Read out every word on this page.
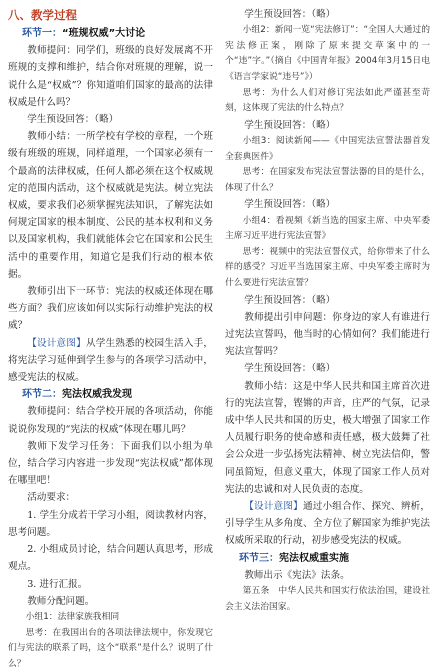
八、教学过程
环节一：“班规权威”大讨论

教师提问：同学们，班级的良好发展离不开班规的支撑和维护，结合你对班规的理解，说一说什么是“权威”？你知道咱们国家的最高的法律权威是什么吗？

学生预设回答：（略）

教师小结：一所学校有学校的章程，一个班级有班级的班规，同样道理，一个国家必须有一个最高的法律权威，任何人都必须在这个权威规定的范围内活动，这个权威就是宪法。树立宪法权威，要求我们必须掌握宪法知识，了解宪法如何规定国家的根本制度、公民的基本权利和义务以及国家机构，我们就能体会它在国家和公民生活中的重要作用，知道它是我们行动的根本依据。

教师引出下一环节：宪法的权威还体现在哪些方面？我们应该如何以实际行动维护宪法的权威？

【设计意图】从学生熟悉的校园生活入手，将宪法学习延伸到学生参与的各项学习活动中，感受宪法的权威。

环节二：宪法权威我发现

教师提问：结合学校开展的各项活动，你能说说你发现的“宪法的权威”体现在哪儿吗？

教师下发学习任务：下面我们以小组为单位，结合学习内容进一步发现“宪法权威”都体现在哪里吧！

活动要求：

1. 学生分成若干学习小组，阅读教材内容，思考问题。

2. 小组成员讨论，结合问题认真思考，形成观点。

3. 进行汇报。

教师分配问题。

小组1：法律家族我相同

思考：在我国出台的各项法律法规中，你发现它们与宪法的联系了吗，这个“联系”是什么？说明了什么？

学生预设回答：（略）

小组2：新闻一览“宪法修订”：“全国人大通过的宪法修正案，刚除了原来提交草案中的一个“违”字。”（摘自《中国青年报》2004年3月15日电《语言学家说“违号”》）

思考：为什么人们对修订宪法如此严谨甚至苛刻，这体现了宪法的什么特点？

学生预设回答：（略）

小组3：阅读新闻——《中国宪法宣誓法器首发全套典医件》

思考：在国家发布宪法宣誓法器的目的是什么，体现了什么？

学生预设回答：（略）

小组4：看视频《新当选的国家主席、中央军委主席习近平进行宪法宣誓》

思考：视频中的宪法宣誓仪式，给你带来了什么样的感受？习近平当选国家主席、中央军委主席时为什么要进行宪法宣誓？

学生预设回答：（略）

教师提出引申问题：你身边的家人有谁进行过宪法宣誓吗，他当时的心情如何？我们能进行宪法宣誓吗？

学生预设回答：（略）

教师小结：这是中华人民共和国主席首次进行的宪法宣誓，铿锵的声音，庄严的气氛，记录成中华人民共和国的历史，极大增强了国家工作人员履行职务的使命感和责任感，极大鼓舞了社会公众进一步弘扬宪法精神、树立宪法信仰，警同虽简短，但意义重大，体现了国家工作人员对宪法的忠诚和对人民负责的态度。

【设计意图】通过小组合作、探究、辨析，引导学生从多角度、全方位了解国家为维护宪法权威所采取的行动，初步感受宪法的权威。

环节三：宪法权威重实施

教师出示《宪法》法条。

第五条　中华人民共和国实行依法治国，建设社会主义法治国家。
